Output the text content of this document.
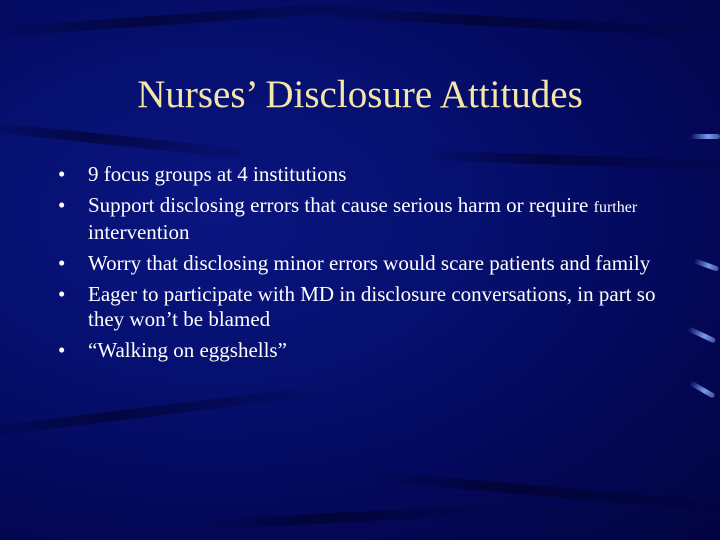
Nurses’ Disclosure Attitudes
• 9 focus groups at 4 institutions
• Support disclosing errors that cause serious harm or require further intervention
• Worry that disclosing minor errors would scare patients and family
• Eager to participate with MD in disclosure conversations, in part so they won’t be blamed
• “Walking on eggshells”
